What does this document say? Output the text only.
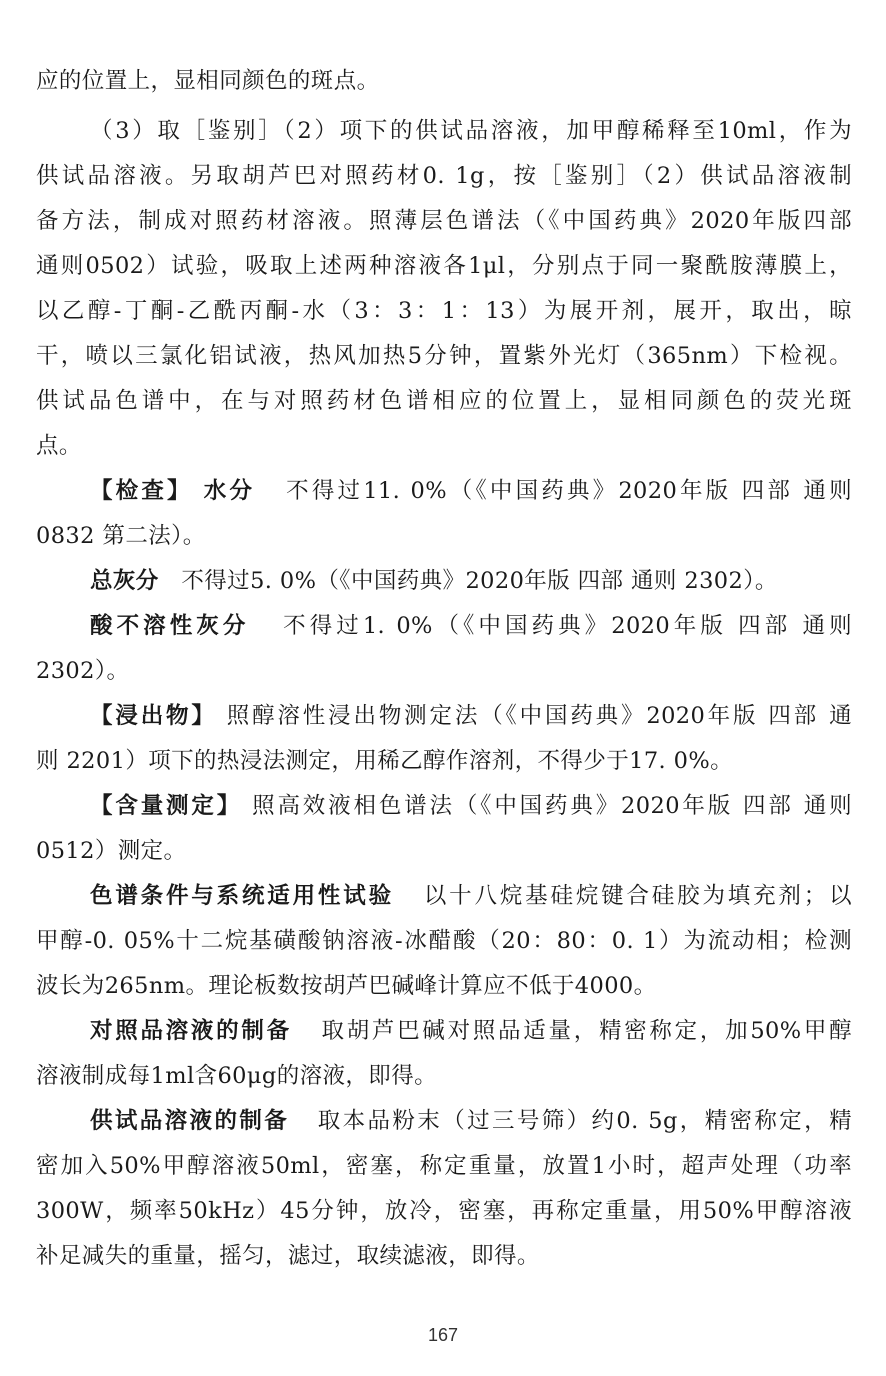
应的位置上，显相同颜色的斑点。
（3）取［鉴别］（2）项下的供试品溶液，加甲醇稀释至10ml，作为
供试品溶液。另取胡芦巴对照药材0. 1g，按［鉴别］（2）供试品溶液制
备方法，制成对照药材溶液。照薄层色谱法（《中国药典》2020年版四部
通则0502）试验，吸取上述两种溶液各1μl，分别点于同一聚酰胺薄膜上，
以乙醇-丁酮-乙酰丙酮-水（3：3：1：13）为展开剂，展开，取出，晾
干，喷以三氯化铝试液，热风加热5分钟，置紫外光灯（365nm）下检视。
供试品色谱中，在与对照药材色谱相应的位置上，显相同颜色的荧光斑
点。
【检查】 水分 不得过11. 0%（《中国药典》2020年版 四部 通则
0832 第二法）。
总灰分 不得过5. 0%（《中国药典》2020年版 四部 通则 2302）。
酸不溶性灰分 不得过1. 0%（《中国药典》2020年版 四部 通则
2302）。
【浸出物】 照醇溶性浸出物测定法（《中国药典》2020年版 四部 通
则 2201）项下的热浸法测定，用稀乙醇作溶剂，不得少于17. 0%。
【含量测定】 照高效液相色谱法（《中国药典》2020年版 四部 通则
0512）测定。
色谱条件与系统适用性试验 以十八烷基硅烷键合硅胶为填充剂；以
甲醇-0. 05%十二烷基磺酸钠溶液-冰醋酸（20：80：0. 1）为流动相；检测
波长为265nm。理论板数按胡芦巴碱峰计算应不低于4000。
对照品溶液的制备 取胡芦巴碱对照品适量，精密称定，加50%甲醇
溶液制成每1ml含60μg的溶液，即得。
供试品溶液的制备 取本品粉末（过三号筛）约0. 5g，精密称定，精
密加入50%甲醇溶液50ml，密塞，称定重量，放置1小时，超声处理（功率
300W，频率50kHz）45分钟，放冷，密塞，再称定重量，用50%甲醇溶液
补足减失的重量，摇匀，滤过，取续滤液，即得。
167
